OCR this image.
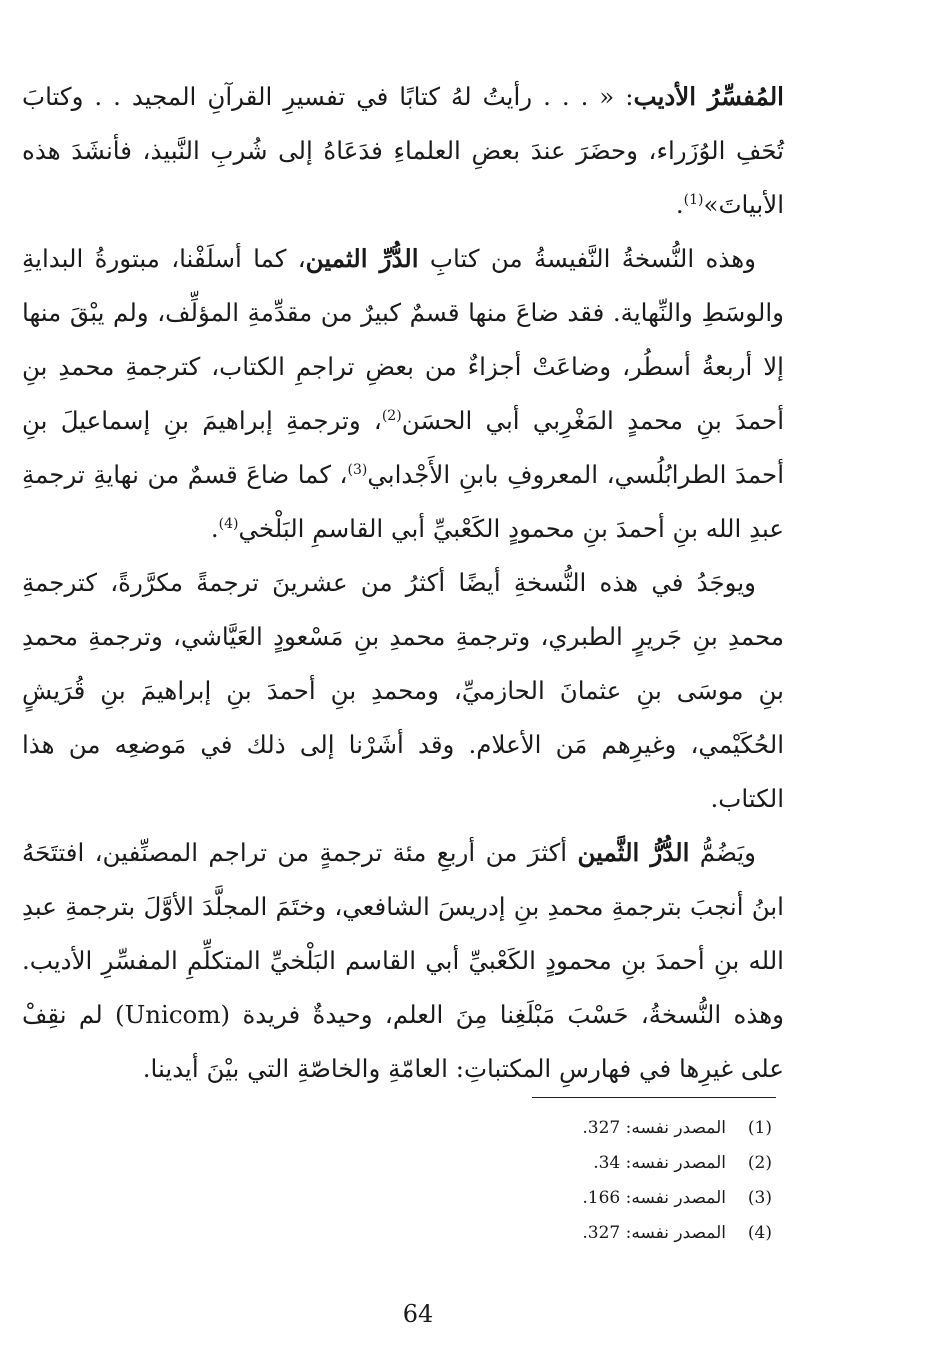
المُفسِّرُ الأديب: « . . . رأيتُ لهُ كتابًا في تفسيرِ القرآنِ المجيد . . وكتابَ تُحَفِ الوُزَراء، وحضَرَ عندَ بعضِ العلماءِ فدَعَاهُ إلى شُربِ النَّبيذ، فأنشَدَ هذه الأبياتَ»$^{(1)}$.

وهذه النُّسخةُ النَّفيسةُ من كتابِ الدُّرِّ الثمين، كما أسلَفْنا، مبتورةُ البدايةِ والوسَطِ والنِّهاية. فقد ضاعَ منها قسمٌ كبيرٌ من مقدِّمةِ المؤلِّف، ولم يبْقَ منها إلا أربعةُ أسطُر، وضاعَتْ أجزاءٌ من بعضِ تراجمِ الكتاب، كترجمةِ محمدِ بنِ أحمدَ بنِ محمدٍ المَغْرِبي أبي الحسَن$^{(2)}$، وترجمةِ إبراهيمَ بنِ إسماعيلَ بنِ أحمدَ الطرابُلُسي، المعروفِ بابنِ الأَجْدابي$^{(3)}$، كما ضاعَ قسمٌ من نهايةِ ترجمةِ عبدِ الله بنِ أحمدَ بنِ محمودٍ الكَعْبيِّ أبي القاسمِ البَلْخي$^{(4)}$.

ويوجَدُ في هذه النُّسخةِ أيضًا أكثرُ من عشرينَ ترجمةً مكرَّرةً، كترجمةِ محمدِ بنِ جَريرٍ الطبري، وترجمةِ محمدِ بنِ مَسْعودٍ العَيَّاشي، وترجمةِ محمدِ بنِ موسَى بنِ عثمانَ الحازميِّ، ومحمدِ بنِ أحمدَ بنِ إبراهيمَ بنِ قُرَيشٍ الحُكَيْمي، وغيرِهم مَن الأعلام. وقد أشَرْنا إلى ذلك في مَوضعِه من هذا الكتاب.

ويَضُمُّ الدُّرُّ الثَّمين أكثرَ من أربعِ مئة ترجمةٍ من تراجم المصنِّفين، افتتَحَهُ ابنُ أنجبَ بترجمةِ محمدِ بنِ إدريسَ الشافعي، وختَمَ المجلَّدَ الأوَّلَ بترجمةِ عبدِ الله بنِ أحمدَ بنِ محمودٍ الكَعْبيِّ أبي القاسم البَلْخيِّ المتكلِّمِ المفسِّرِ الأديب. وهذه النُّسخةُ، حَسْبَ مَبْلَغِنا مِنَ العلم، وحيدةٌ فريدة (Unicom) لم نقِفْ على غيرِها في فهارسِ المكتباتِ: العامّةِ والخاصّةِ التي بيْنَ أيدينا.

(1)المصدر نفسه: 327.
(2)المصدر نفسه: 34.
(3)المصدر نفسه: 166.
(4)المصدر نفسه: 327.
64
